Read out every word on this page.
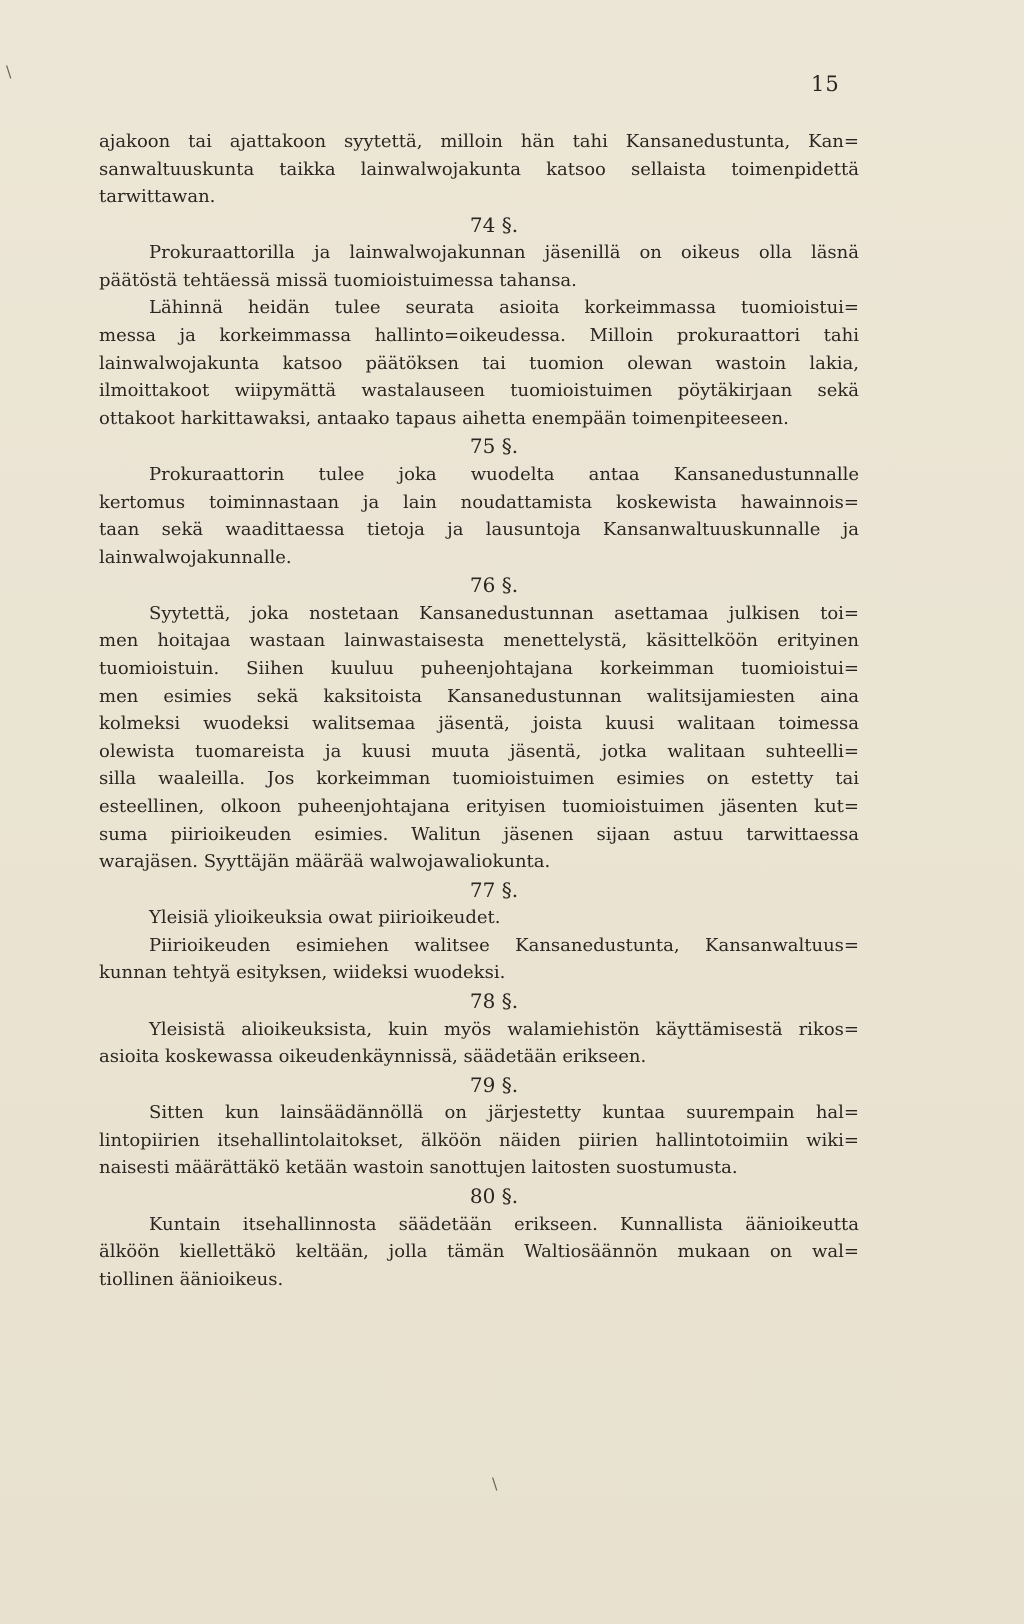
15
ajakoon tai ajattakoon syytettä, milloin hän tahi Kansanedustunta, Kan=
sanwaltuuskunta taikka lainwalwojakunta katsoo sellaista toimenpidettä
tarwittawan.
74 §.
Prokuraattorilla ja lainwalwojakunnan jäsenillä on oikeus olla läsnä
päätöstä tehtäessä missä tuomioistuimessa tahansa.
Lähinnä heidän tulee seurata asioita korkeimmassa tuomioistui=
messa ja korkeimmassa hallinto=oikeudessa. Milloin prokuraattori tahi
lainwalwojakunta katsoo päätöksen tai tuomion olewan wastoin lakia,
ilmoittakoot wiipymättä wastalauseen tuomioistuimen pöytäkirjaan sekä
ottakoot harkittawaksi, antaako tapaus aihetta enempään toimenpiteeseen.
75 §.
Prokuraattorin tulee joka wuodelta antaa Kansanedustunnalle
kertomus toiminnastaan ja lain noudattamista koskewista hawainnois=
taan sekä waadittaessa tietoja ja lausuntoja Kansanwaltuuskunnalle ja
lainwalwojakunnalle.
76 §.
Syytettä, joka nostetaan Kansanedustunnan asettamaa julkisen toi=
men hoitajaa wastaan lainwastaisesta menettelystä, käsittelköön erityinen
tuomioistuin. Siihen kuuluu puheenjohtajana korkeimman tuomioistui=
men esimies sekä kaksitoista Kansanedustunnan walitsijamiesten aina
kolmeksi wuodeksi walitsemaa jäsentä, joista kuusi walitaan toimessa
olewista tuomareista ja kuusi muuta jäsentä, jotka walitaan suhteelli=
silla waaleilla. Jos korkeimman tuomioistuimen esimies on estetty tai
esteellinen, olkoon puheenjohtajana erityisen tuomioistuimen jäsenten kut=
suma piirioikeuden esimies. Walitun jäsenen sijaan astuu tarwittaessa
warajäsen. Syyttäjän määrää walwojawaliokunta.
77 §.
Yleisiä ylioikeuksia owat piirioikeudet.
Piirioikeuden esimiehen walitsee Kansanedustunta, Kansanwaltuus=
kunnan tehtyä esityksen, wiideksi wuodeksi.
78 §.
Yleisistä alioikeuksista, kuin myös walamiehistön käyttämisestä rikos=
asioita koskewassa oikeudenkäynnissä, säädetään erikseen.
79 §.
Sitten kun lainsäädännöllä on järjestetty kuntaa suurempain hal=
lintopiirien itsehallintolaitokset, älköön näiden piirien hallintotoimiin wiki=
naisesti määrättäkö ketään wastoin sanottujen laitosten suostumusta.
80 §.
Kuntain itsehallinnosta säädetään erikseen. Kunnallista äänioikeutta
älköön kiellettäkö keltään, jolla tämän Waltiosäännön mukaan on wal=
tiollinen äänioikeus.
\
\
